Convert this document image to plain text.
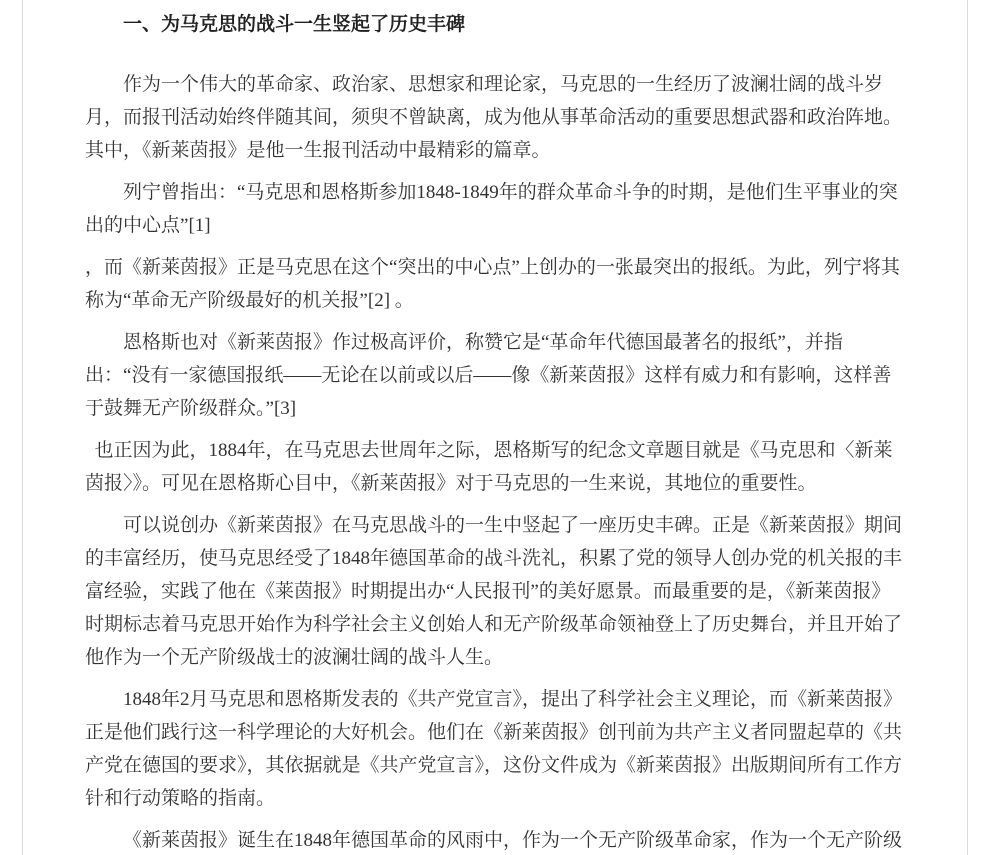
一、为马克思的战斗一生竖起了历史丰碑

作为一个伟大的革命家、政治家、思想家和理论家，马克思的一生经历了波澜壮阔的战斗岁月，而报刊活动始终伴随其间，须臾不曾缺离，成为他从事革命活动的重要思想武器和政治阵地。其中，《新莱茵报》是他一生报刊活动中最精彩的篇章。

列宁曾指出：“马克思和恩格斯参加1848-1849年的群众革命斗争的时期，是他们生平事业的突出的中心点”[1]

，而《新莱茵报》正是马克思在这个“突出的中心点”上创办的一张最突出的报纸。为此，列宁将其称为“革命无产阶级最好的机关报”[2] 。

恩格斯也对《新莱茵报》作过极高评价，称赞它是“革命年代德国最著名的报纸”，并指出：“没有一家德国报纸——无论在以前或以后——像《新莱茵报》这样有威力和有影响，这样善于鼓舞无产阶级群众。”[3]

也正因为此，1884年，在马克思去世周年之际，恩格斯写的纪念文章题目就是《马克思和〈新莱茵报〉》。可见在恩格斯心目中，《新莱茵报》对于马克思的一生来说，其地位的重要性。

可以说创办《新莱茵报》在马克思战斗的一生中竖起了一座历史丰碑。正是《新莱茵报》期间的丰富经历，使马克思经受了1848年德国革命的战斗洗礼，积累了党的领导人创办党的机关报的丰富经验，实践了他在《莱茵报》时期提出办“人民报刊”的美好愿景。而最重要的是，《新莱茵报》时期标志着马克思开始作为科学社会主义创始人和无产阶级革命领袖登上了历史舞台，并且开始了他作为一个无产阶级战士的波澜壮阔的战斗人生。

1848年2月马克思和恩格斯发表的《共产党宣言》，提出了科学社会主义理论，而《新莱茵报》正是他们践行这一科学理论的大好机会。他们在《新莱茵报》创刊前为共产主义者同盟起草的《共产党在德国的要求》，其依据就是《共产党宣言》，这份文件成为《新莱茵报》出版期间所有工作方针和行动策略的指南。

《新莱茵报》诞生在1848年德国革命的风雨中，作为一个无产阶级革命家，作为一个无产阶级
